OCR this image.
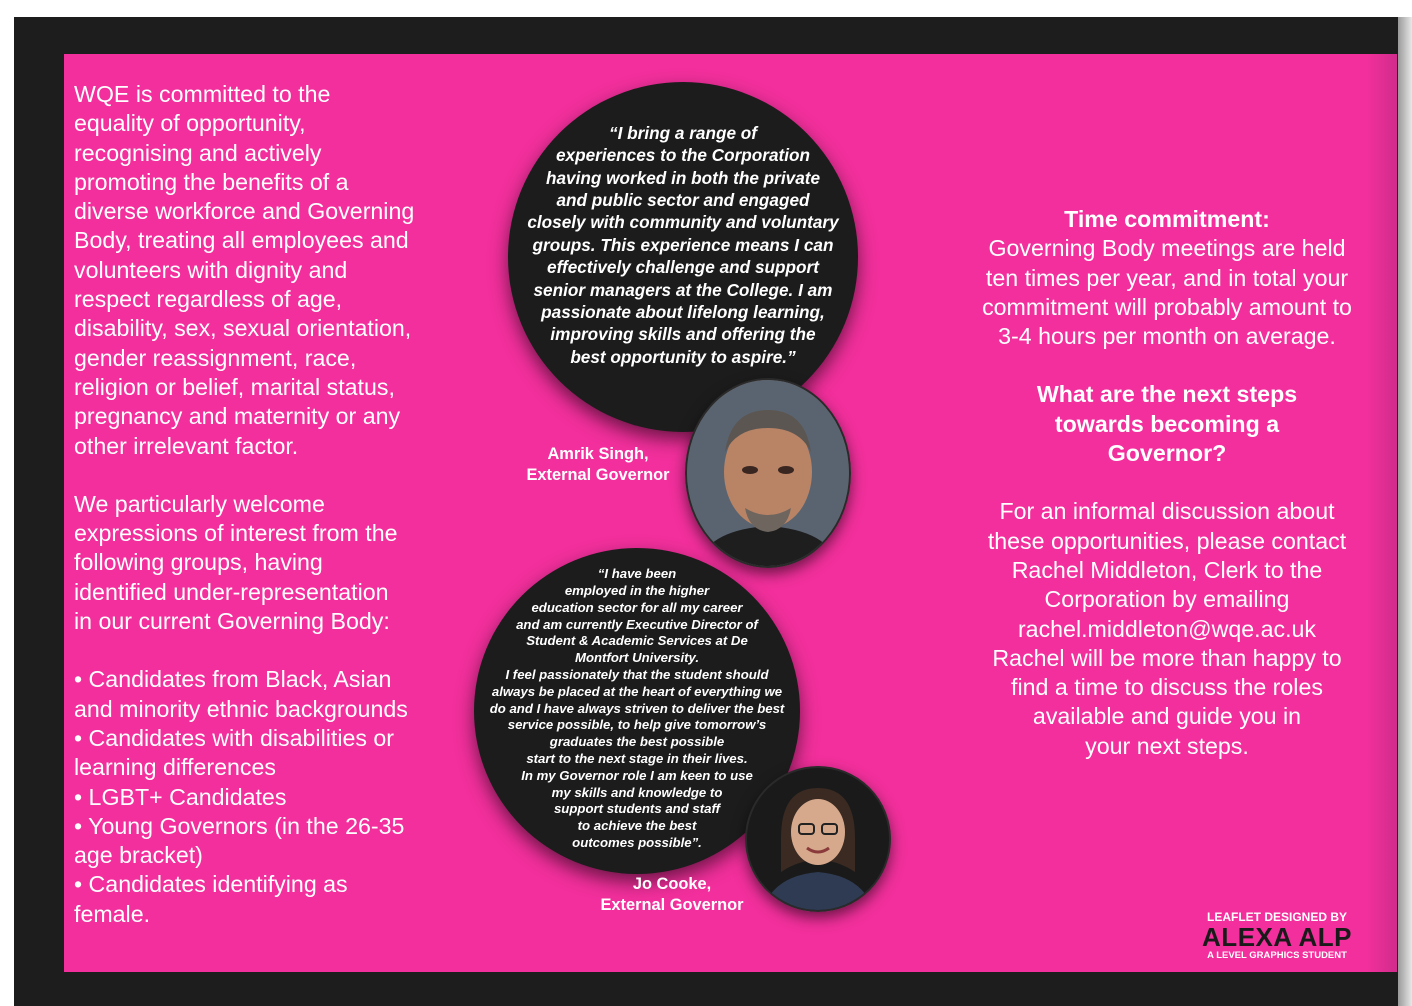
WQE is committed to the
equality of opportunity,
recognising and actively
promoting the benefits of a
diverse workforce and Governing
Body, treating all employees and
volunteers with dignity and
respect regardless of age,
disability, sex, sexual orientation,
gender reassignment, race,
religion or belief, marital status,
pregnancy and maternity or any
other irrelevant factor.

We particularly welcome
expressions of interest from the
following groups, having
identified under-representation
in our current Governing Body:

• Candidates from Black, Asian
and minority ethnic backgrounds

• Candidates with disabilities or
learning differences

• LGBT+ Candidates

• Young Governors (in the 26-35
age bracket)

• Candidates identifying as
female.

“I bring a range of
experiences to the Corporation
having worked in both the private
and public sector and engaged
closely with community and voluntary
groups. This experience means I can
effectively challenge and support
senior managers at the College. I am
passionate about lifelong learning,
improving skills and offering the
best opportunity to aspire.”

Amrik Singh,
External Governor

“I have been
employed in the higher
education sector for all my career
and am currently Executive Director of
Student & Academic Services at De
Montfort University.
I feel passionately that the student should
always be placed at the heart of everything we
do and I have always striven to deliver the best
service possible, to help give tomorrow’s
graduates the best possible
start to the next stage in their lives.
In my Governor role I am keen to use
my skills and knowledge to
support students and staff
to achieve the best
outcomes possible”.

Jo Cooke,
External Governor

Time commitment:

Governing Body meetings are held
ten times per year, and in total your
commitment will probably amount to
3-4 hours per month on average.

What are the next steps
towards becoming a
Governor?

For an informal discussion about
these opportunities, please contact
Rachel Middleton, Clerk to the
Corporation by emailing
rachel.middleton@wqe.ac.uk
Rachel will be more than happy to
find a time to discuss the roles
available and guide you in
your next steps.

LEAFLET DESIGNED BY
ALEXA ALP
A LEVEL GRAPHICS STUDENT
